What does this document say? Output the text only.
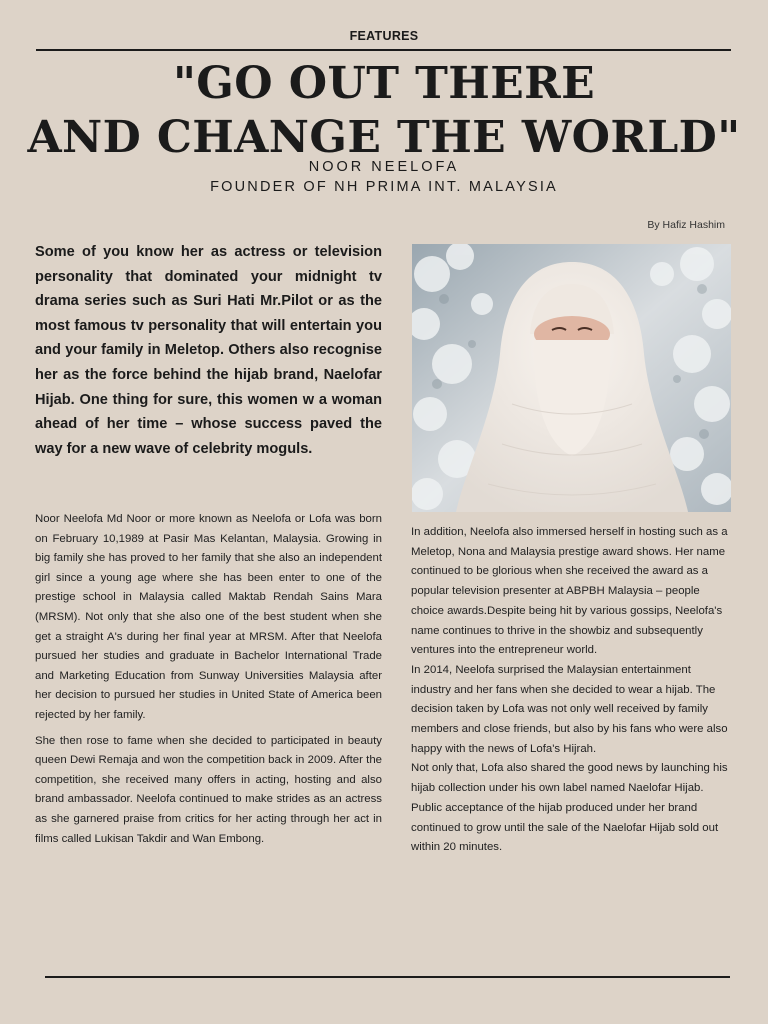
FEATURES
"GO OUT THERE
AND CHANGE THE WORLD"
NOOR NEELOFA
FOUNDER OF NH PRIMA INT. MALAYSIA
By Hafiz Hashim
Some of you know her as actress or television personality that dominated your midnight tv drama series such as Suri Hati Mr.Pilot or as the most famous tv personality that will entertain you and your family in Meletop. Others also recognise her as the force behind the hijab brand, Naelofar Hijab. One thing for sure, this women w a woman ahead of her time – whose success paved the way for a new wave of celebrity moguls.

Noor Neelofa Md Noor or more known as Neelofa or Lofa was born on February 10,1989 at Pasir Mas Kelantan, Malaysia. Growing in big family she has proved to her family that she also an independent girl since a young age where she has been enter to one of the prestige school in Malaysia called Maktab Rendah Sains Mara (MRSM). Not only that she also one of the best student when she get a straight A's during her final year at MRSM. After that Neelofa pursued her studies and graduate in Bachelor International Trade and Marketing Education from Sunway Universities Malaysia after her decision to pursued her studies in United State of America been rejected by her family.

She then rose to fame when she decided to participated in beauty queen Dewi Remaja and won the competition back in 2009. After the competition, she received many offers in acting, hosting and also brand ambassador. Neelofa continued to make strides as an actress as she garnered praise from critics for her acting through her act in films called Lukisan Takdir and Wan Embong.

In addition, Neelofa also immersed herself in hosting such as a Meletop, Nona and Malaysia prestige award shows. Her name continued to be glorious when she received the award as a popular television presenter at ABPBH Malaysia – people choice awards.Despite being hit by various gossips, Neelofa's name continues to thrive in the showbiz and subsequently ventures into the entrepreneur world.

In 2014, Neelofa surprised the Malaysian entertainment industry and her fans when she decided to wear a hijab. The decision taken by Lofa was not only well received by family members and close friends, but also by his fans who were also happy with the news of Lofa's Hijrah.

Not only that, Lofa also shared the good news by launching his hijab collection under his own label named Naelofar Hijab. Public acceptance of the hijab produced under her brand continued to grow until the sale of the Naelofar Hijab sold out within 20 minutes.
